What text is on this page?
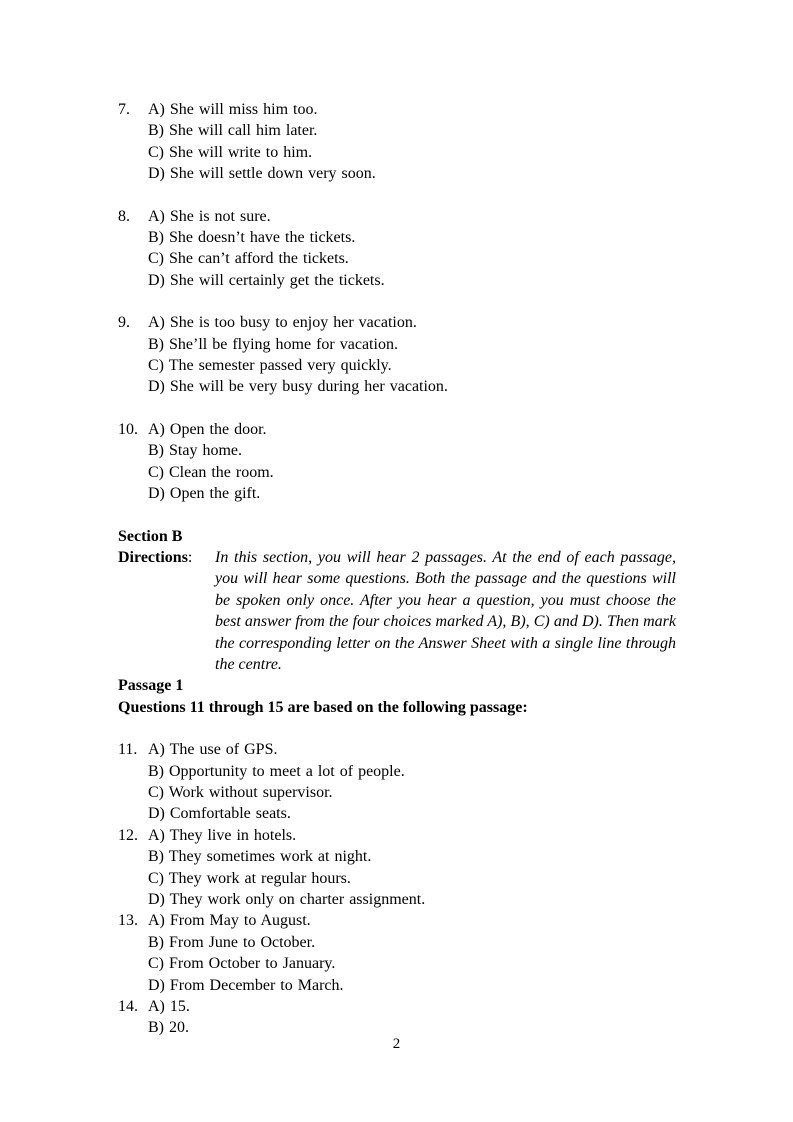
7.	A) She will miss him too.
B) She will call him later.
C) She will write to him.
D) She will settle down very soon.
8.	A) She is not sure.
B) She doesn’t have the tickets.
C) She can’t afford the tickets.
D) She will certainly get the tickets.
9.	A) She is too busy to enjoy her vacation.
B) She’ll be flying home for vacation.
C) The semester passed very quickly.
D) She will be very busy during her vacation.
10. A) Open the door.
B) Stay home.
C) Clean the room.
D) Open the gift.
Section B
Directions:	In this section, you will hear 2 passages. At the end of each passage, you will hear some questions. Both the passage and the questions will be spoken only once. After you hear a question, you must choose the best answer from the four choices marked A), B), C) and D). Then mark the corresponding letter on the Answer Sheet with a single line through the centre.
Passage 1
Questions 11 through 15 are based on the following passage:
11. A) The use of GPS.
B) Opportunity to meet a lot of people.
C) Work without supervisor.
D) Comfortable seats.
12. A) They live in hotels.
B) They sometimes work at night.
C) They work at regular hours.
D) They work only on charter assignment.
13. A) From May to August.
B) From June to October.
C) From October to January.
D) From December to March.
14. A) 15.
B) 20.
2
